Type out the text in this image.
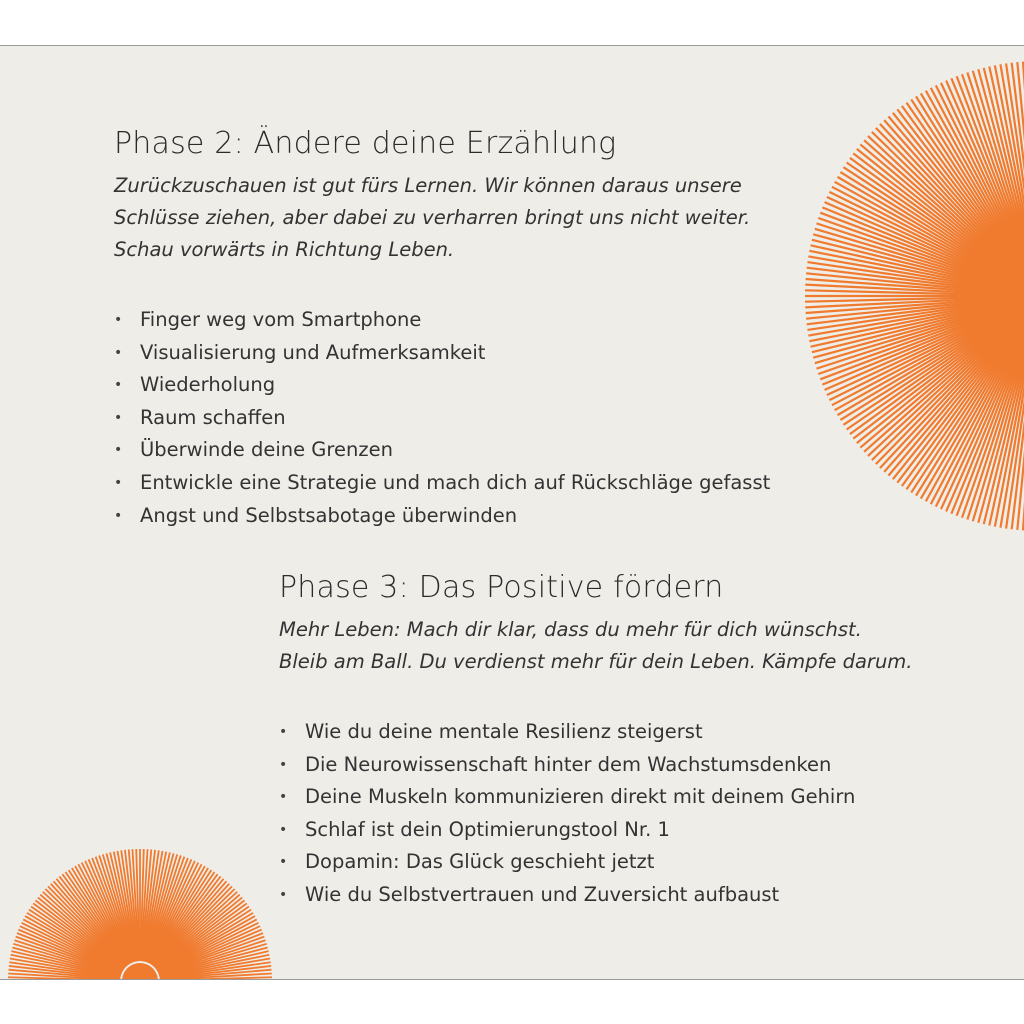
Phase 2: Ändere deine Erzählung

Zurückzuschauen ist gut fürs Lernen. Wir können daraus unsere
Schlüsse ziehen, aber dabei zu verharren bringt uns nicht weiter.
Schau vorwärts in Richtung Leben.

• Finger weg vom Smartphone
• Visualisierung und Aufmerksamkeit
• Wiederholung
• Raum schaffen
• Überwinde deine Grenzen
• Entwickle eine Strategie und mach dich auf Rückschläge gefasst
• Angst und Selbstsabotage überwinden
Phase 3: Das Positive fördern

Mehr Leben: Mach dir klar, dass du mehr für dich wünschst.
Bleib am Ball. Du verdienst mehr für dein Leben. Kämpfe darum.

• Wie du deine mentale Resilienz steigerst
• Die Neurowissenschaft hinter dem Wachstumsdenken
• Deine Muskeln kommunizieren direkt mit deinem Gehirn
• Schlaf ist dein Optimierungstool Nr. 1
• Dopamin: Das Glück geschieht jetzt
• Wie du Selbstvertrauen und Zuversicht aufbaust
